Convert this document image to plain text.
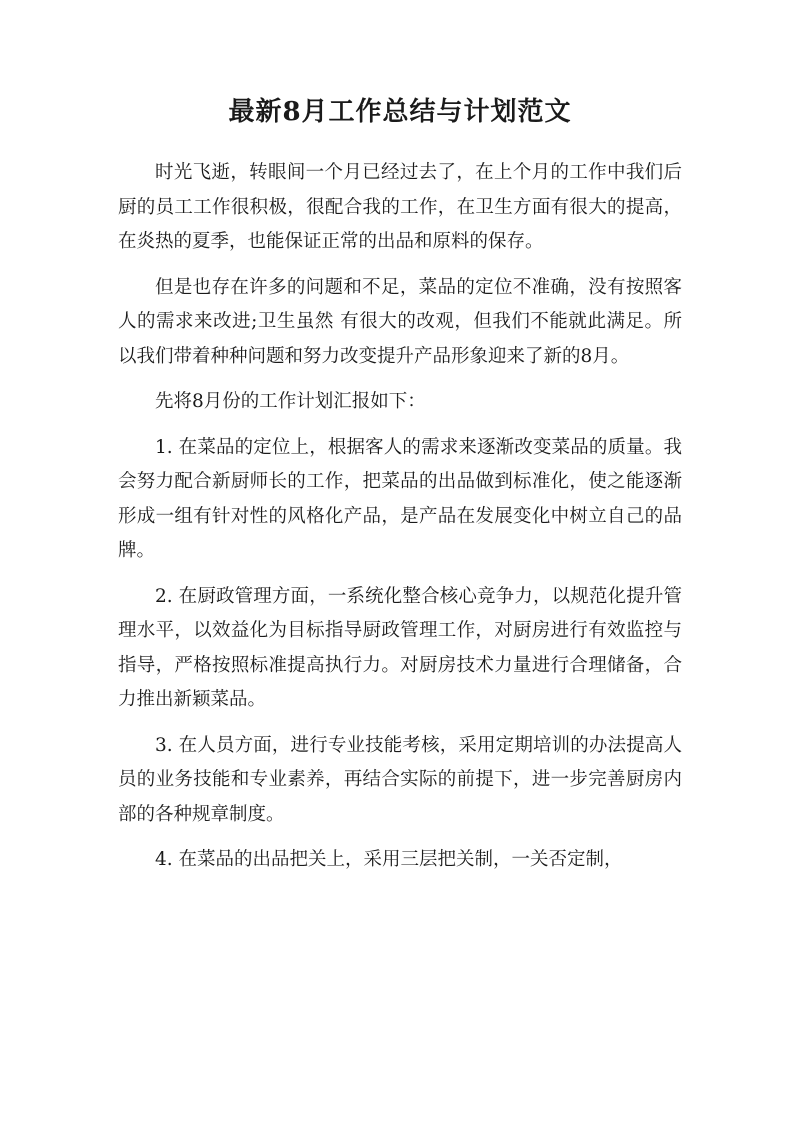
最新8月工作总结与计划范文

时光飞逝，转眼间一个月已经过去了，在上个月的工作中我们后厨的员工工作很积极，很配合我的工作，在卫生方面有很大的提高，在炎热的夏季，也能保证正常的出品和原料的保存。

但是也存在许多的问题和不足，菜品的定位不准确，没有按照客人的需求来改进;卫生虽然 有很大的改观，但我们不能就此满足。所以我们带着种种问题和努力改变提升产品形象迎来了新的8月。

先将8月份的工作计划汇报如下：

1. 在菜品的定位上，根据客人的需求来逐渐改变菜品的质量。我会努力配合新厨师长的工作，把菜品的出品做到标准化，使之能逐渐形成一组有针对性的风格化产品，是产品在发展变化中树立自己的品牌。

2. 在厨政管理方面，一系统化整合核心竞争力，以规范化提升管理水平，以效益化为目标指导厨政管理工作，对厨房进行有效监控与指导，严格按照标准提高执行力。对厨房技术力量进行合理储备，合力推出新颖菜品。

3. 在人员方面，进行专业技能考核，采用定期培训的办法提高人员的业务技能和专业素养，再结合实际的前提下，进一步完善厨房内部的各种规章制度。

4. 在菜品的出品把关上，采用三层把关制，一关否定制，
